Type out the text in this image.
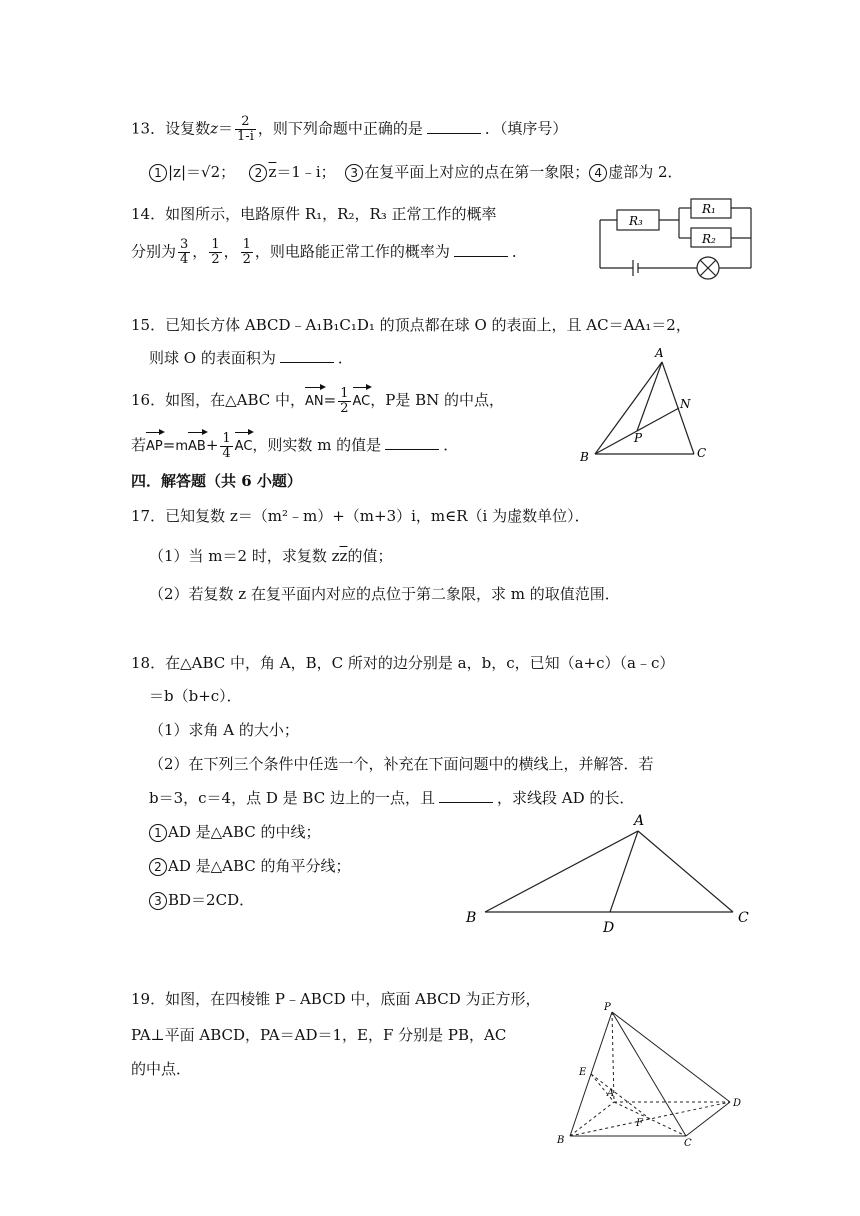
13．设复数$z= \frac{2}{1-i}$ ，则下列命题中正确的是	．（填序号）
1 |z|＝√2； 2 $\overline{z}=1﹣i$； 3 在复平面上对应的点在第一象限； 4 虚部为 2．
14．如图所示，电路原件 R₁，R₂，R₃ 正常工作的概率
分别为 $\frac{3}{4}$ ， $\frac{1}{2}$ ， $\frac{1}{2}$ ，则电路能正常工作的概率为	．
R₃
R₁
R₂
15．已知长方体 ABCD﹣A₁B₁C₁D₁ 的顶点都在球 O 的表面上，且 AC＝AA₁＝2，
则球 O 的表面积为	．
16．如图，在△ABC 中，$AN= \frac{1}{2}$ AC，P是 BN 的中点，
若$AP=mAB+ \frac{1}{4}$ AC，则实数 m 的值是	．
A
N
P
B	C
四．解答题（共 6 小题）
17．已知复数 z＝（m²﹣m）+（m+3）i，m∈R（i 为虚数单位）．
（1）当 m＝2 时，求复数 $z\overline{z}$的值；
（2）若复数 z 在复平面内对应的点位于第二象限，求 m 的取值范围．
18．在△ABC 中，角 A，B，C 所对的边分别是 a，b，c，已知（a+c）（a﹣c）
＝b（b+c）．
（1）求角 A 的大小；
（2）在下列三个条件中任选一个，补充在下面问题中的横线上，并解答．若
b＝3，c＝4，点 D 是 BC 边上的一点，且	，求线段 AD 的长．
1 AD 是△ABC 的中线；
2 AD 是△ABC 的角平分线；
3 BD＝2CD．
A
B	C
D
19．如图，在四棱锥 P﹣ABCD 中，底面 ABCD 为正方形，
PA⊥平面 ABCD，PA＝AD＝1，E，F 分别是 PB，AC
的中点．
P
E
A
D
F
B	C
